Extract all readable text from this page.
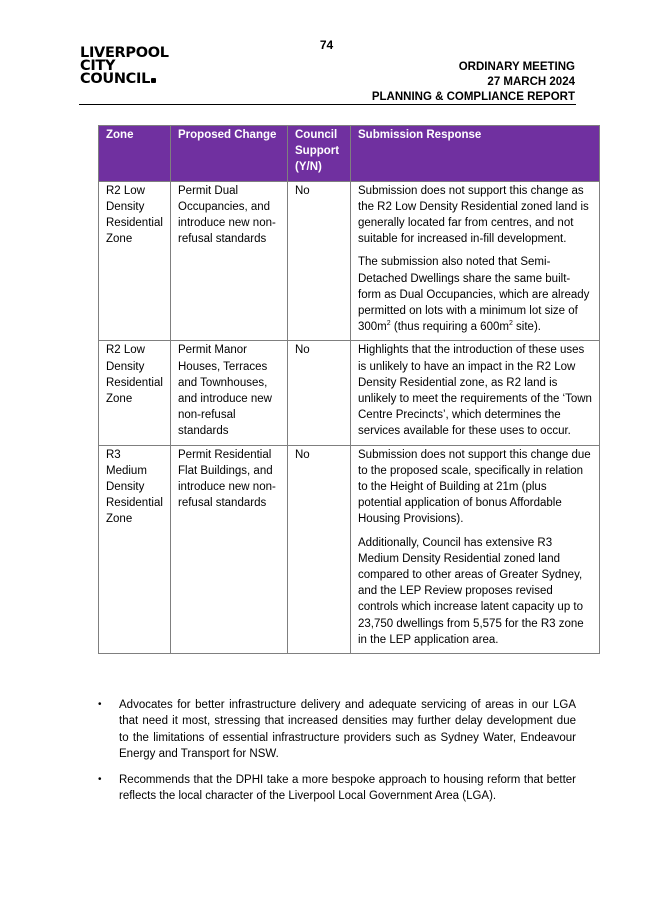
74
LIVERPOOL
CITY
COUNCIL
ORDINARY MEETING
27 MARCH 2024
PLANNING & COMPLIANCE REPORT
Zone	Proposed Change	Council Support (Y/N)	Submission Response
R2 Low Density Residential Zone	Permit Dual Occupancies, and introduce new non-refusal standards	No	Submission does not support this change as the R2 Low Density Residential zoned land is generally located far from centres, and not suitable for increased in-fill development.

The submission also noted that Semi-Detached Dwellings share the same built-form as Dual Occupancies, which are already permitted on lots with a minimum lot size of $300m^2$ (thus requiring a $600m^2$ site).

R2 Low Density Residential Zone	Permit Manor Houses, Terraces and Townhouses, and introduce new non-refusal standards	No	Highlights that the introduction of these uses is unlikely to have an impact in the R2 Low Density Residential zone, as R2 land is unlikely to meet the requirements of the ‘Town Centre Precincts’, which determines the services available for these uses to occur.

R3 Medium Density Residential Zone	Permit Residential Flat Buildings, and introduce new non-refusal standards	No	Submission does not support this change due to the proposed scale, specifically in relation to the Height of Building at 21m (plus potential application of bonus Affordable Housing Provisions).

Additionally, Council has extensive R3 Medium Density Residential zoned land compared to other areas of Greater Sydney, and the LEP Review proposes revised controls which increase latent capacity up to 23,750 dwellings from 5,575 for the R3 zone in the LEP application area.

•	Advocates for better infrastructure delivery and adequate servicing of areas in our LGA that need it most, stressing that increased densities may further delay development due to the limitations of essential infrastructure providers such as Sydney Water, Endeavour Energy and Transport for NSW.
•	Recommends that the DPHI take a more bespoke approach to housing reform that better reflects the local character of the Liverpool Local Government Area (LGA).
